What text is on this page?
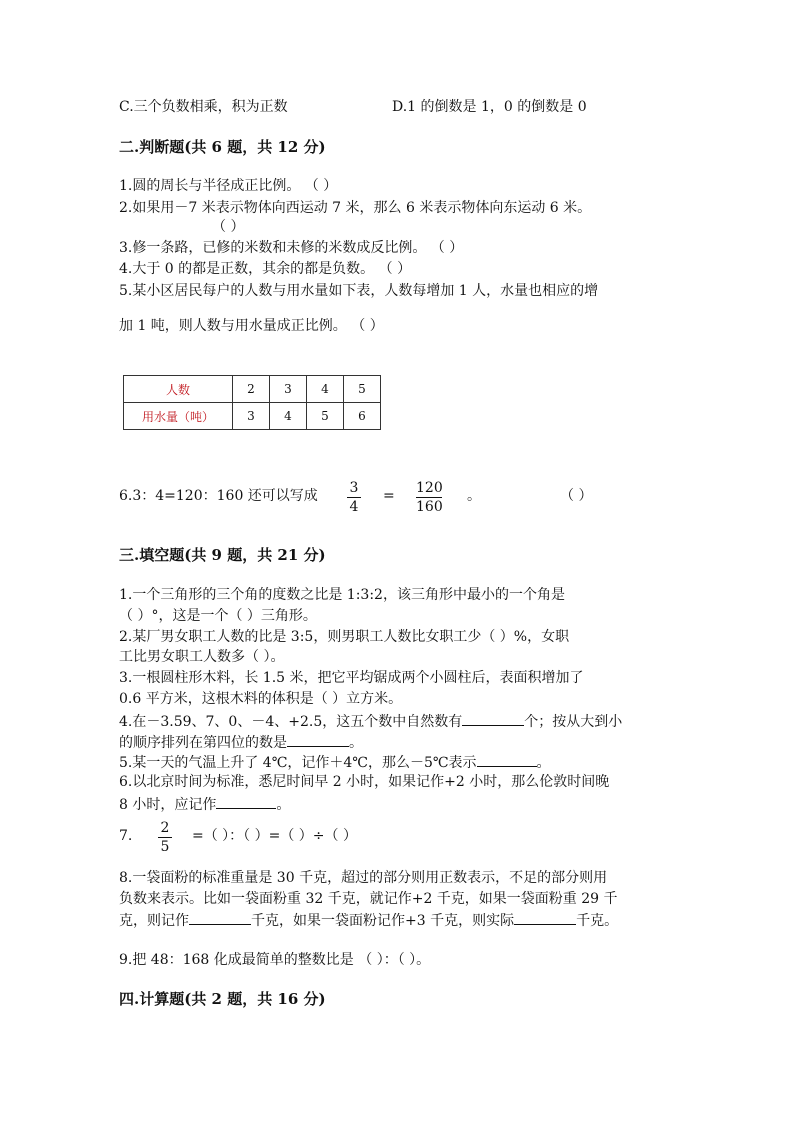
C.三个负数相乘，积为正数	D.1 的倒数是 1，0 的倒数是 0
二.判断题(共 6 题，共 12 分)
1.圆的周长与半径成正比例。 （ ）
2.如果用－7 米表示物体向西运动 7 米，那么 6 米表示物体向东运动 6 米。
（ ）
3.修一条路，已修的米数和未修的米数成反比例。 （ ）
4.大于 0 的都是正数，其余的都是负数。 （ ）
5.某小区居民每户的人数与用水量如下表，人数每增加 1 人，水量也相应的增
加 1 吨，则人数与用水量成正比例。 （ ）
人数	2	3	4	5
用水量（吨）	3	4	5	6
6.3：4=120：160 还可以写成 3
4
= 120
160
。	（ ）
三.填空题(共 9 题，共 21 分)
1.一个三角形的三个角的度数之比是 1:3:2，该三角形中最小的一个角是
（ ）°，这是一个（ ）三角形。
2.某厂男女职工人数的比是 3:5，则男职工人数比女职工少（ ）%，女职
工比男女职工人数多（ ）。
3.一根圆柱形木料，长 1.5 米，把它平均锯成两个小圆柱后，表面积增加了
0.6 平方米，这根木料的体积是（ ）立方米。
4.在－3.59、7、0、－4、+2.5，这五个数中自然数有	个；按从大到小
的顺序排列在第四位的数是	。
5.某一天的气温上升了 4℃，记作＋4℃，那么－5℃表示	。
6.以北京时间为标准，悉尼时间早 2 小时，如果记作+2 小时，那么伦敦时间晚
8 小时，应记作	。
7. 2
5
=（ ）：（ ）=（ ）÷（ ）
8.一袋面粉的标准重量是 30 千克，超过的部分则用正数表示，不足的部分则用
负数来表示。比如一袋面粉重 32 千克，就记作+2 千克，如果一袋面粉重 29 千
克，则记作	千克，如果一袋面粉记作+3 千克，则实际	千克。
9.把 48：168 化成最简单的整数比是 （ ）：（ ）。
四.计算题(共 2 题，共 16 分)
